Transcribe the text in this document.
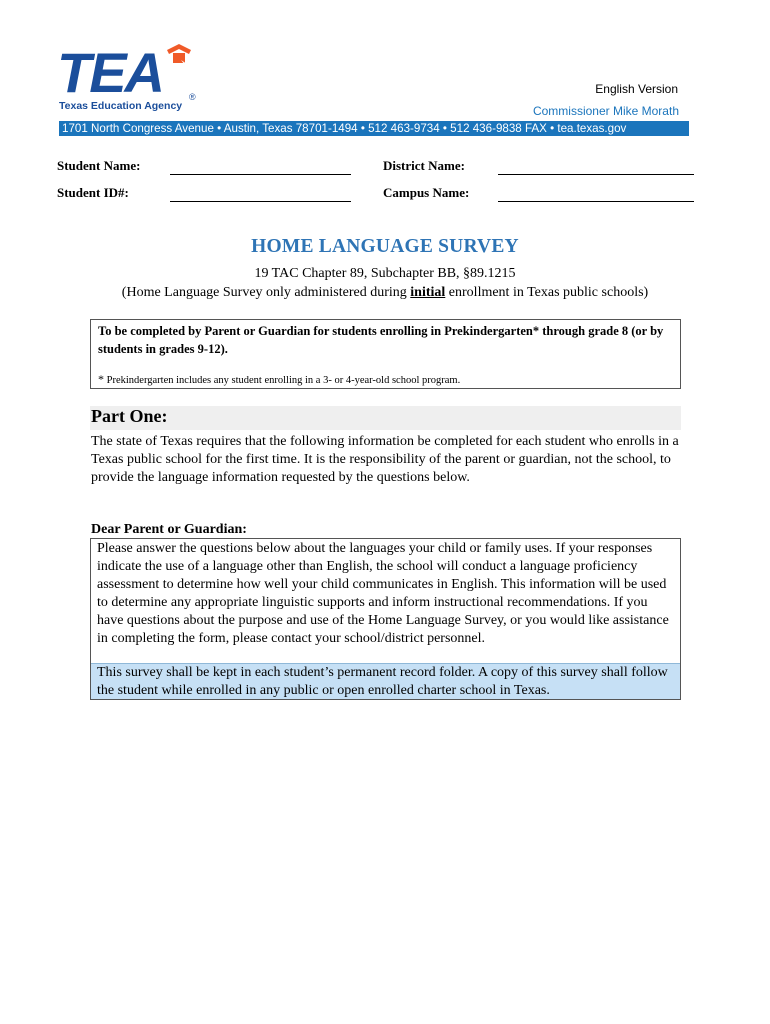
TEA	®
Texas Education Agency
English Version
Commissioner Mike Morath
1701 North Congress Avenue • Austin, Texas 78701-1494 • 512 463-9734 • 512 436-9838 FAX • tea.texas.gov
Student Name:
Student ID#:
District Name:
Campus Name:
HOME LANGUAGE SURVEY
19 TAC Chapter 89, Subchapter BB, §89.1215
(Home Language Survey only administered during initial enrollment in Texas public schools)
To be completed by Parent or Guardian for students enrolling in Prekindergarten* through grade 8 (or by students in grades 9-12).
* Prekindergarten includes any student enrolling in a 3- or 4-year-old school program.
Part One:
The state of Texas requires that the following information be completed for each student who enrolls in a Texas public school for the first time. It is the responsibility of the parent or guardian, not the school, to provide the language information requested by the questions below.
Dear Parent or Guardian:
Please answer the questions below about the languages your child or family uses. If your responses indicate the use of a language other than English, the school will conduct a language proficiency assessment to determine how well your child communicates in English. This information will be used to determine any appropriate linguistic supports and inform instructional recommendations. If you have questions about the purpose and use of the Home Language Survey, or you would like assistance in completing the form, please contact your school/district personnel.
This survey shall be kept in each student’s permanent record folder. A copy of this survey shall follow the student while enrolled in any public or open enrolled charter school in Texas.
